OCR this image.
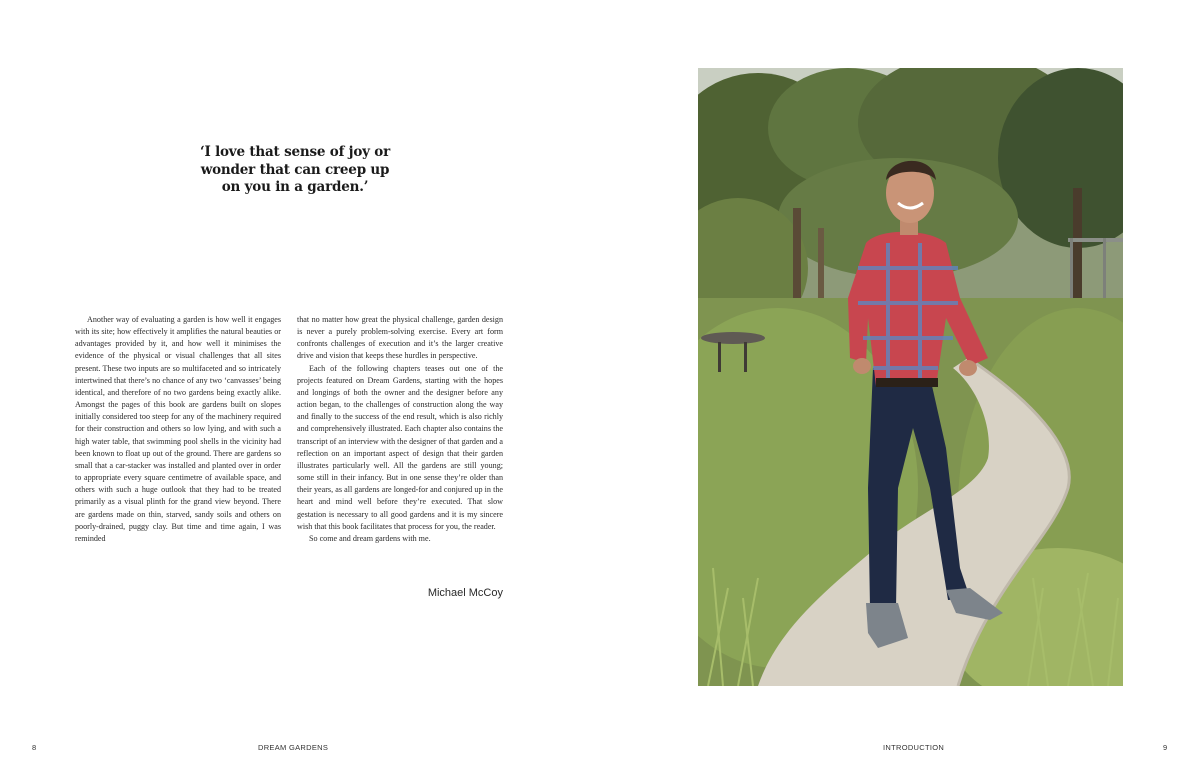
‘I love that sense of joy or wonder that can creep up on you in a garden.’

Another way of evaluating a garden is how well it engages with its site; how effectively it amplifies the natural beauties or advantages provided by it, and how well it minimises the evidence of the physical or visual challenges that all sites present. These two inputs are so multifaceted and so intricately intertwined that there’s no chance of any two ‘canvasses’ being identical, and therefore of no two gardens being exactly alike. Amongst the pages of this book are gardens built on slopes initially considered too steep for any of the machinery required for their construction and others so low lying, and with such a high water table, that swimming pool shells in the vicinity had been known to float up out of the ground. There are gardens so small that a car-stacker was installed and planted over in order to appropriate every square centimetre of available space, and others with such a huge outlook that they had to be treated primarily as a visual plinth for the grand view beyond. There are gardens made on thin, starved, sandy soils and others on poorly-drained, puggy clay. But time and time again, I was reminded

that no matter how great the physical challenge, garden design is never a purely problem-solving exercise. Every art form confronts challenges of execution and it’s the larger creative drive and vision that keeps these hurdles in perspective.

Each of the following chapters teases out one of the projects featured on Dream Gardens, starting with the hopes and longings of both the owner and the designer before any action began, to the challenges of construction along the way and finally to the success of the end result, which is also richly and comprehensively illustrated. Each chapter also contains the transcript of an interview with the designer of that garden and a reflection on an important aspect of design that their garden illustrates particularly well. All the gardens are still young; some still in their infancy. But in one sense they’re older than their years, as all gardens are longed-for and conjured up in the heart and mind well before they’re executed. That slow gestation is necessary to all good gardens and it is my sincere wish that this book facilitates that process for you, the reader.

So come and dream gardens with me.

Michael McCoy
8	DREAM GARDENS	INTRODUCTION	9
